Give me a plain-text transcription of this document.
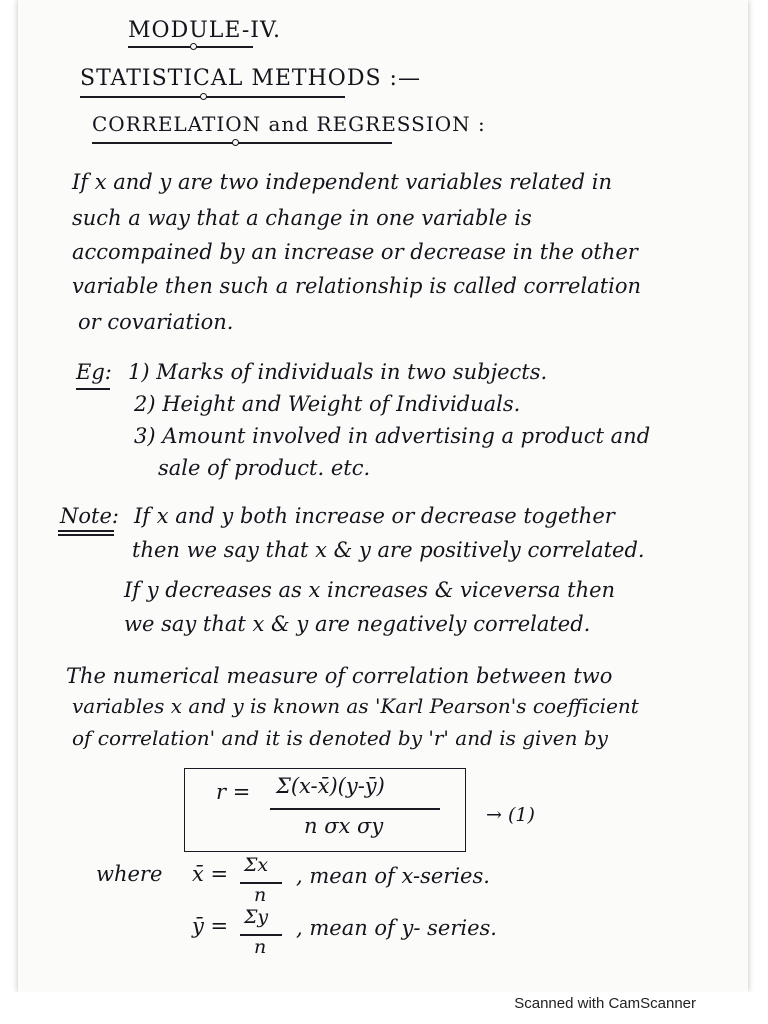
MODULE-IV.
STATISTICAL METHODS :—
CORRELATION and REGRESSION :
If x and y are two independent variables related in
such a way that a change in one variable is
accompained by an increase or decrease in the other
variable then such a relationship is called correlation
or covariation.
Eg: 1) Marks of individuals in two subjects.
2) Height and Weight of Individuals.
3) Amount involved in advertising a product and
sale of product. etc.
Note: If x and y both increase or decrease together
then we say that x & y are positively correlated.
If y decreases as x increases & viceversa then
we say that x & y are negatively correlated.
The numerical measure of correlation between two
variables x and y is known as 'Karl Pearson's coefficient
of correlation' and it is denoted by 'r' and is given by
r = Σ(x-x̄)(y-ȳ)
n σx σy	→ (1)
where x̄ = Σx
n
, mean of x-series.
ȳ = Σy
n
, mean of y- series.
Scanned with CamScanner
